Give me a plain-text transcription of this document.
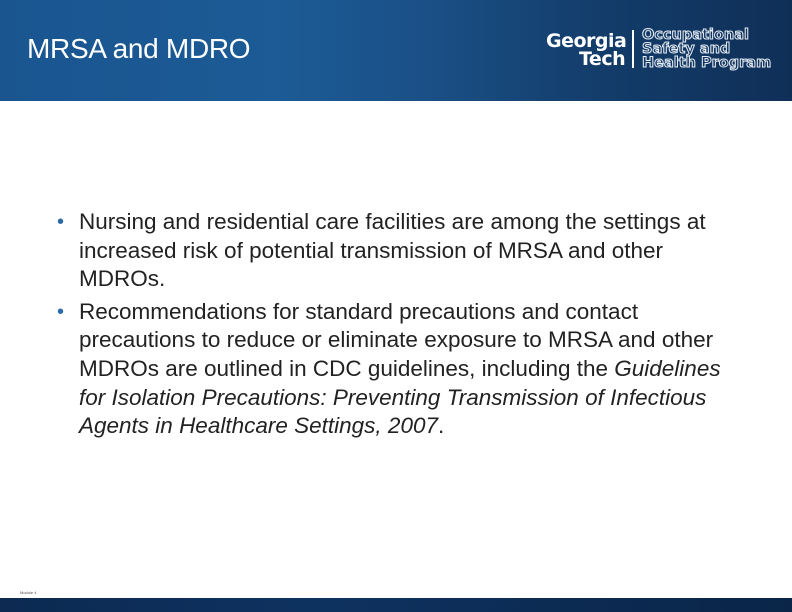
MRSA and MDRO	Georgia
Tech
Occupational
Safety and
Health Program
• Nursing and residential care facilities are among the settings at increased risk of potential transmission of MRSA and other MDROs.
• Recommendations for standard precautions and contact precautions to reduce or eliminate exposure to MRSA and other MDROs are outlined in CDC guidelines, including the Guidelines for Isolation Precautions: Preventing Transmission of Infectious Agents in Healthcare Settings, 2007.
Module 4
